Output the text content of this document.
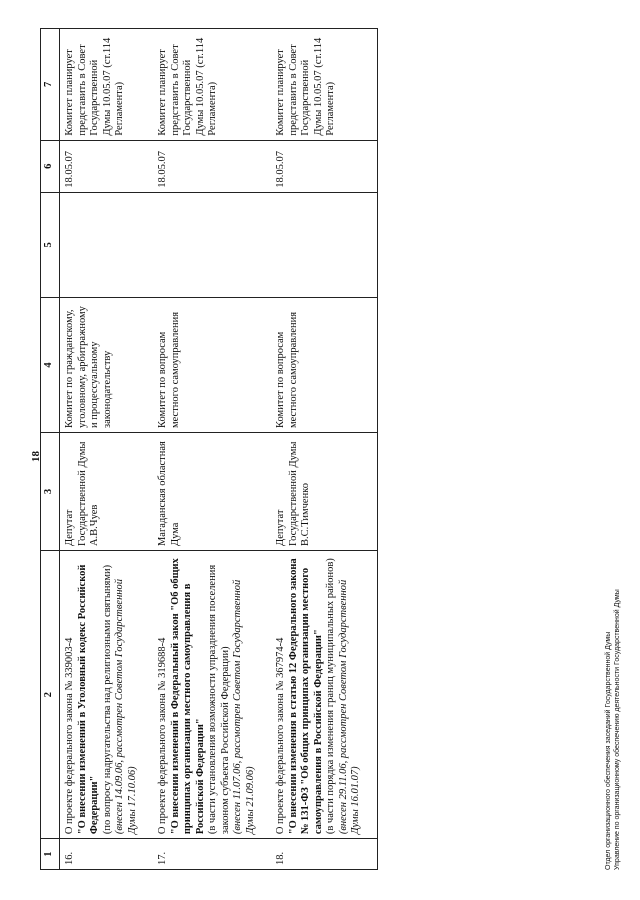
18
1	2	3	4	5	6	7
16.	О проекте федерального закона № 339003-4 "О внесении изменений в Уголовный кодекс Российской Федерации" (по вопросу надругательства над религиозными святынями) (внесен 14.09.06, рассмотрен Советом Государственной Думы 17.10.06)	Депутат Государственной Думы А.В.Чуев	Комитет по гражданскому, уголовному, арбитражному и процессуальному законодательству		18.05.07	Комитет планирует представить в Совет Государственной Думы 10.05.07 (ст.114 Регламента)
17.	О проекте федерального закона № 319688-4 "О внесении изменений в Федеральный закон "Об общих принципах организации местного самоуправления в Российской Федерации" (в части установления возможности упразднения поселения законом субъекта Российской Федерации) (внесен 11.07.06, рассмотрен Советом Государственной Думы 21.09.06)	Магаданская областная Дума	Комитет по вопросам местного самоуправления		18.05.07	Комитет планирует представить в Совет Государственной Думы 10.05.07 (ст.114 Регламента)
18.	О проекте федерального закона № 367974-4 "О внесении изменения в статью 12 Федерального закона № 131-ФЗ "Об общих принципах организации местного самоуправления в Российской Федерации" (в части порядка изменения границ муниципальных районов) (внесен 29.11.06, рассмотрен Советом Государственной Думы 16.01.07)	Депутат Государственной Думы В.С.Тимченко	Комитет по вопросам местного самоуправления		18.05.07	Комитет планирует представить в Совет Государственной Думы 10.05.07 (ст.114 Регламента)
Отдел организационного обеспечения заседаний Государственной Думы Управление по организационному обеспечению деятельности Государственной Думы
